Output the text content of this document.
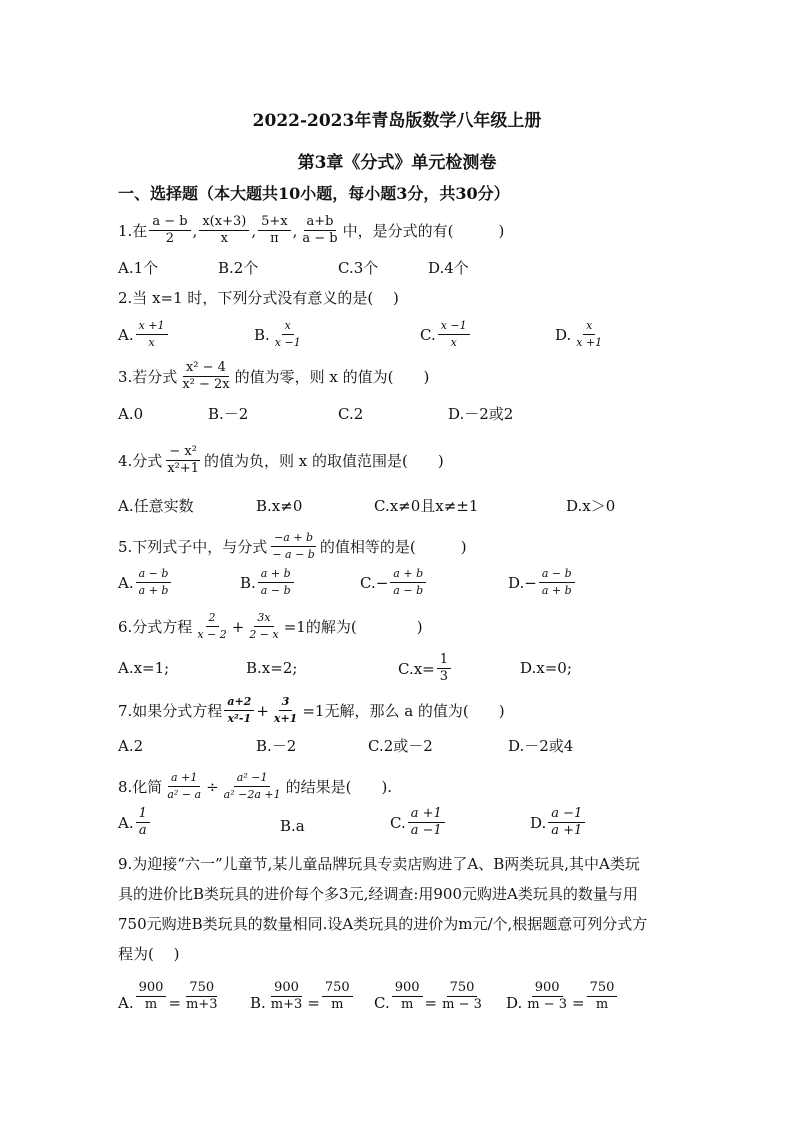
2022-2023年青岛版数学八年级上册
第3章《分式》单元检测卷
一、选择题（本大题共10小题，每小题3分，共30分）
1.在 $\frac{a - b}{2}$ , $\frac{x(x+3)}{x}$ , $\frac{5+x}{\pi}$ , $\frac{a+b}{a - b}$ 中，是分式的有(　　　)
A.1个	B.2个	C.3个	D.4个
2.当 x=1 时，下列分式没有意义的是(　 )
A. $\frac{x +1}{x}$	B. $\frac{x}{x -1}$	C. $\frac{x -1}{x}$	D. $\frac{x}{x +1}$
3.若分式 $\frac{\text{x² − 4}}{\text{x² − 2x}}$ 的值为零，则 x 的值为(　　)
A.0	B.－2	C.2	D.－2或2
4.分式 $\frac{\text{− x²}}{\text{x²+1}}$ 的值为负，则 x 的取值范围是(　　)
A.任意实数	B.x≠0	C.x≠0且x≠±1	D.x＞0
5.下列式子中，与分式 $\frac{-a + b}{- a - b}$ 的值相等的是(　　　)
A. $\frac{a - b}{a + b}$	B. $\frac{a + b}{a - b}$	C. − $\frac{a + b}{a - b}$	D. − $\frac{a - b}{a + b}$
6.分式方程 $\frac{2}{x - 2} + \frac{3x}{2 - x} =1$的解为(　　　　)
A.x=1;	B.x=2;	$C.x= \frac{1}{3}$	D.x=0;
7.如果分式方程 $\frac{a+2}{\text{x²-1}} + \frac{3}{x+1} =1$无解，那么 a 的值为(　　)
A.2	B.－2	C.2或－2	D.－2或4
8.化简 $\frac{a +1}{\text{a² − a}} \div \frac{\text{a² −1}}{\text{a² −2a +1}}$ 的结果是(　　).
A. $\frac{1}{a}$	B.a	C. $\frac{a +1}{a -1}$	D. $\frac{a -1}{a +1}$
9.为迎接“六一”儿童节,某儿童品牌玩具专卖店购进了A、B两类玩具,其中A类玩
具的进价比B类玩具的进价每个多3元,经调查:用900元购进A类玩具的数量与用
750元购进B类玩具的数量相同.设A类玩具的进价为m元/个,根据题意可列分式方
程为(　 )
A. $\frac{900}{m} = \frac{750}{m+3} B$. $\frac{900}{m+3} = \frac{750}{m} C$. $\frac{900}{m} = \frac{750}{m - 3} D$. $\frac{900}{m - 3} = \frac{750}{m}$
